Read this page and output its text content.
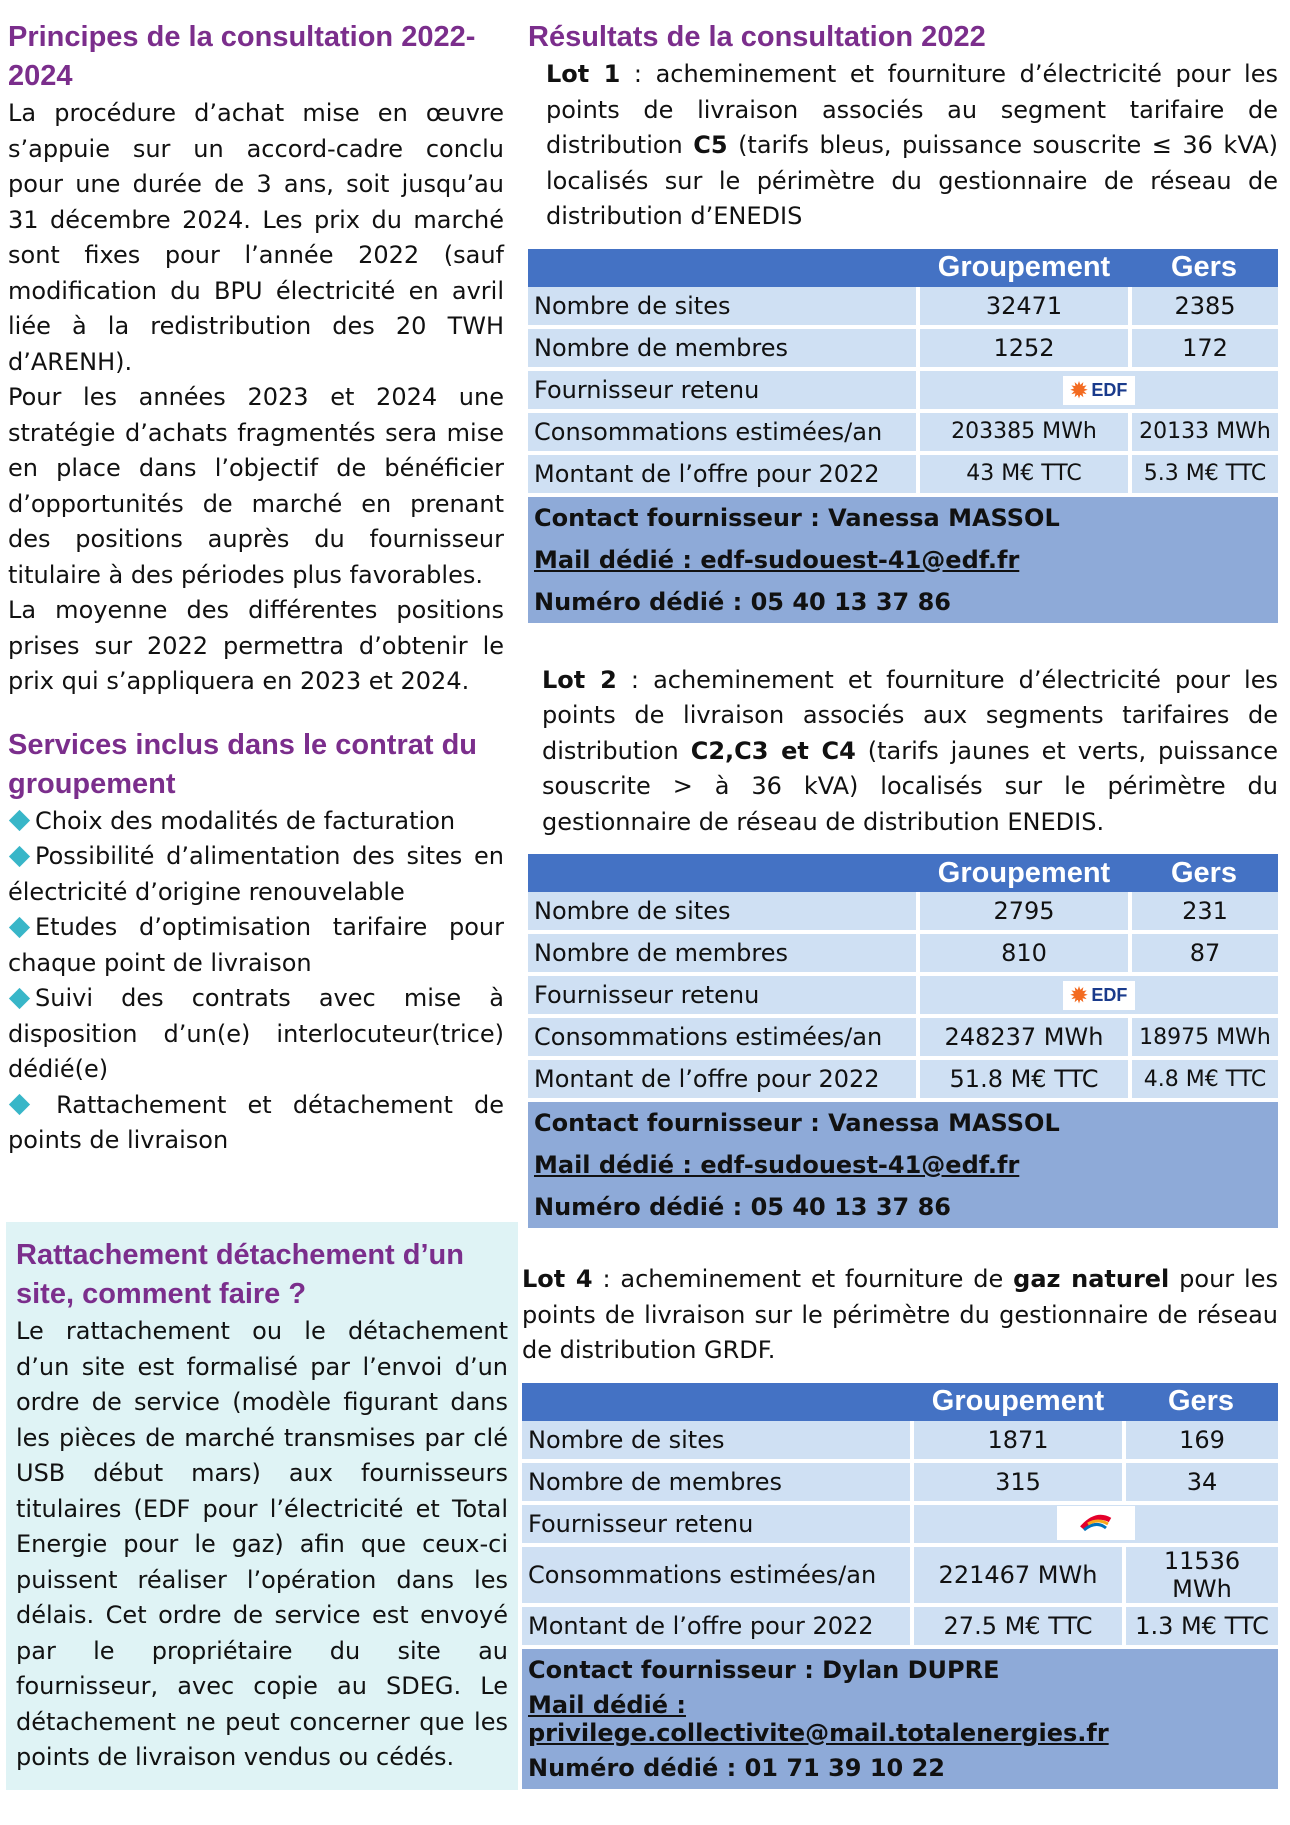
Principes de la consultation 2022-2024

La procédure d’achat mise en œuvre s’appuie sur un accord-cadre conclu pour une durée de 3 ans, soit jusqu’au 31 décembre 2024. Les prix du marché sont fixes pour l’année 2022 (sauf modification du BPU électricité en avril liée à la redistribution des 20 TWH d’ARENH).

Pour les années 2023 et 2024 une stratégie d’achats fragmentés sera mise en place dans l’objectif de bénéficier d’opportunités de marché en prenant des positions auprès du fournisseur titulaire à des périodes plus favorables.

La moyenne des différentes positions prises sur 2022 permettra d’obtenir le prix qui s’appliquera en 2023 et 2024.

Services inclus dans le contrat du groupement
Choix des modalités de facturation
Possibilité d’alimentation des sites en électricité d’origine renouvelable
Etudes d’optimisation tarifaire pour chaque point de livraison
Suivi des contrats avec mise à disposition d’un(e) interlocuteur(trice) dédié(e)
Rattachement et détachement de points de livraison
Rattachement détachement d’un site, comment faire ?

Le rattachement ou le détachement d’un site est formalisé par l’envoi d’un ordre de service (modèle figurant dans les pièces de marché transmises par clé USB début mars) aux fournisseurs titulaires (EDF pour l’électricité et Total Energie pour le gaz) afin que ceux-ci puissent réaliser l’opération dans les délais. Cet ordre de service est envoyé par le propriétaire du site au fournisseur, avec copie au SDEG. Le détachement ne peut concerner que les points de livraison vendus ou cédés.

Résultats de la consultation 2022
Lot 1 : acheminement et fourniture d’électricité pour les points de livraison associés au segment tarifaire de distribution C5 (tarifs bleus, puissance souscrite ≤ 36 kVA) localisés sur le périmètre du gestionnaire de réseau de distribution d’ENEDIS
	Groupement	Gers
Nombre de sites	32471	2385
Nombre de membres	1252	172
Fournisseur retenu	✹ EDF	

Consommations estimées/an	203385 MWh	20133 MWh
Montant de l’offre pour 2022	43 M€ TTC	5.3 M€ TTC
Contact fournisseur : Vanessa MASSOL		
Mail dédié : edf-sudouest-41@edf.fr		
Numéro dédié : 05 40 13 37 86		
Lot 2 : acheminement et fourniture d’électricité pour les points de livraison associés aux segments tarifaires de distribution C2,C3 et C4 (tarifs jaunes et verts, puissance souscrite > à 36 kVA) localisés sur le périmètre du gestionnaire de réseau de distribution ENEDIS.
	Groupement	Gers
Nombre de sites	2795	231
Nombre de membres	810	87
Fournisseur retenu	✹ EDF	

Consommations estimées/an	248237 MWh	18975 MWh
Montant de l’offre pour 2022	51.8 M€ TTC	4.8 M€ TTC
Contact fournisseur : Vanessa MASSOL		
Mail dédié : edf-sudouest-41@edf.fr		
Numéro dédié : 05 40 13 37 86		
Lot 4 : acheminement et fourniture de gaz naturel pour les points de livraison sur le périmètre du gestionnaire de réseau de distribution GRDF.
	Groupement	Gers
Nombre de sites	1871	169
Nombre de membres	315	34
Fournisseur retenu	

Consommations estimées/an	221467 MWh	11536 MWh
Montant de l’offre pour 2022	27.5 M€ TTC	1.3 M€ TTC
Contact fournisseur : Dylan DUPRE		
Mail dédié : privilege.collectivite@mail.totalenergies.fr		
Numéro dédié : 01 71 39 10 22		
